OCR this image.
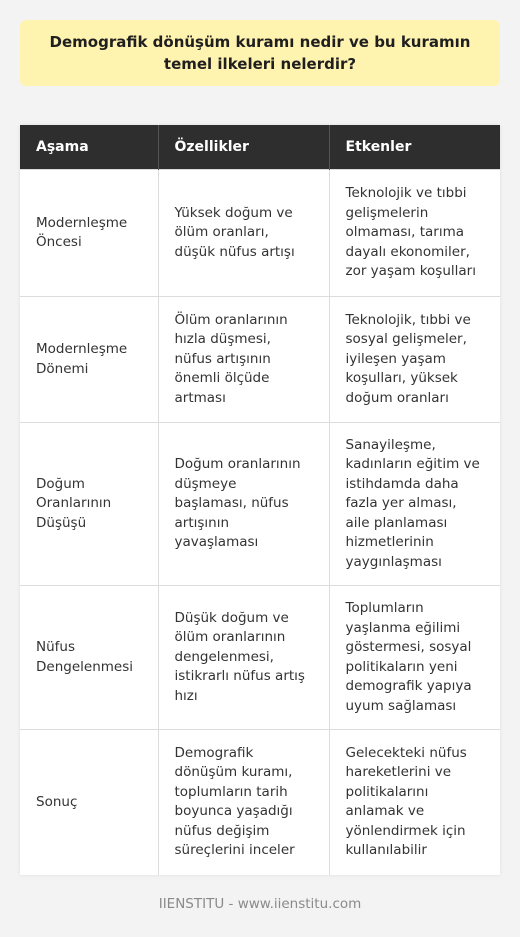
Demografik dönüşüm kuramı nedir ve bu kuramın temel ilkeleri nelerdir?
Aşama	Özellikler	Etkenler
Modernleşme Öncesi	Yüksek doğum ve ölüm oranları, düşük nüfus artışı	Teknolojik ve tıbbi gelişmelerin olmaması, tarıma dayalı ekonomiler, zor yaşam koşulları
Modernleşme Dönemi	Ölüm oranlarının hızla düşmesi, nüfus artışının önemli ölçüde artması	Teknolojik, tıbbi ve sosyal gelişmeler, iyileşen yaşam koşulları, yüksek doğum oranları
Doğum Oranlarının Düşüşü	Doğum oranlarının düşmeye başlaması, nüfus artışının yavaşlaması	Sanayileşme, kadınların eğitim ve istihdamda daha fazla yer alması, aile planlaması hizmetlerinin yaygınlaşması
Nüfus Dengelenmesi	Düşük doğum ve ölüm oranlarının dengelenmesi, istikrarlı nüfus artış hızı	Toplumların yaşlanma eğilimi göstermesi, sosyal politikaların yeni demografik yapıya uyum sağlaması
Sonuç	Demografik dönüşüm kuramı, toplumların tarih boyunca yaşadığı nüfus değişim süreçlerini inceler	Gelecekteki nüfus hareketlerini ve politikalarını anlamak ve yönlendirmek için kullanılabilir
IIENSTITU - www.iienstitu.com
